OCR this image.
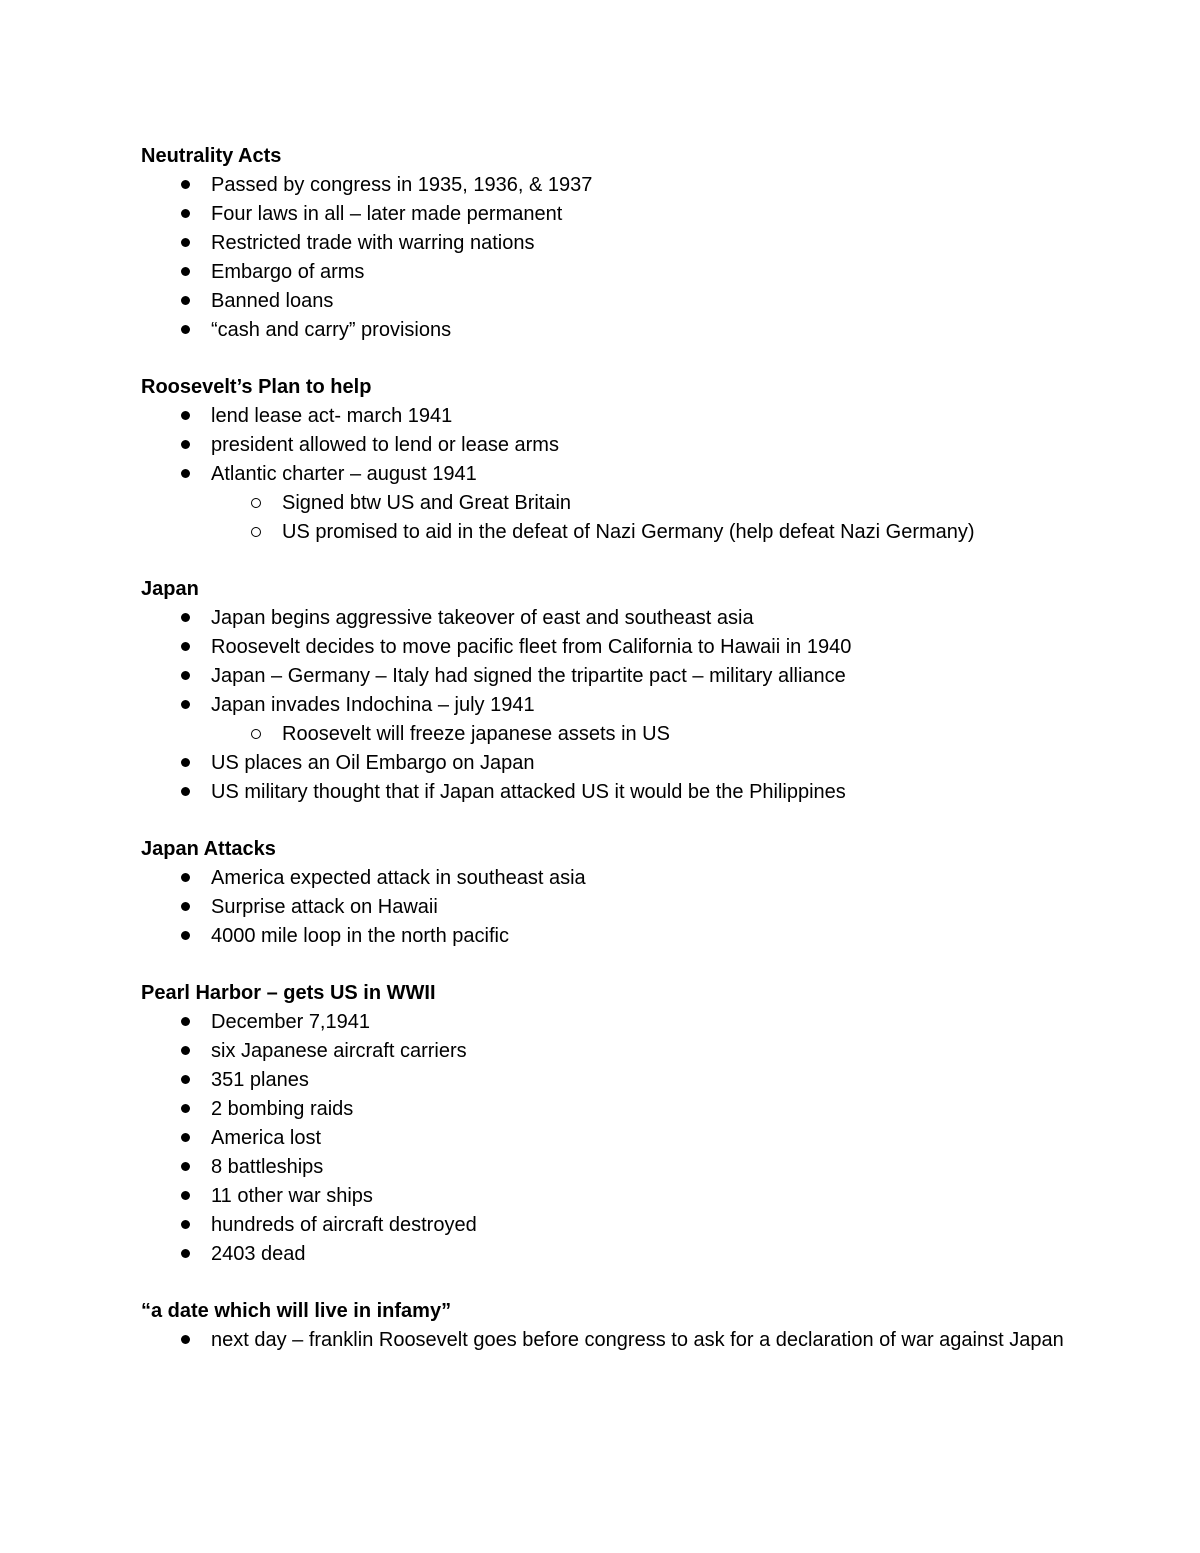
Neutrality Acts
Passed by congress in 1935, 1936, & 1937
Four laws in all – later made permanent
Restricted trade with warring nations
Embargo of arms
Banned loans
“cash and carry” provisions
Roosevelt’s Plan to help
lend lease act- march 1941
president allowed to lend or lease arms
Atlantic charter – august 1941
Signed btw US and Great Britain
US promised to aid in the defeat of Nazi Germany (help defeat Nazi Germany)
Japan
Japan begins aggressive takeover of east and southeast asia
Roosevelt decides to move pacific fleet from California to Hawaii in 1940
Japan – Germany – Italy had signed the tripartite pact – military alliance
Japan invades Indochina – july 1941
Roosevelt will freeze japanese assets in US
US places an Oil Embargo on Japan
US military thought that if Japan attacked US it would be the Philippines
Japan Attacks
America expected attack in southeast asia
Surprise attack on Hawaii
4000 mile loop in the north pacific
Pearl Harbor – gets US in WWII
December 7,1941
six Japanese aircraft carriers
351 planes
2 bombing raids
America lost
8 battleships
11 other war ships
hundreds of aircraft destroyed
2403 dead
“a date which will live in infamy”
next day – franklin Roosevelt goes before congress to ask for a declaration of war against Japan
